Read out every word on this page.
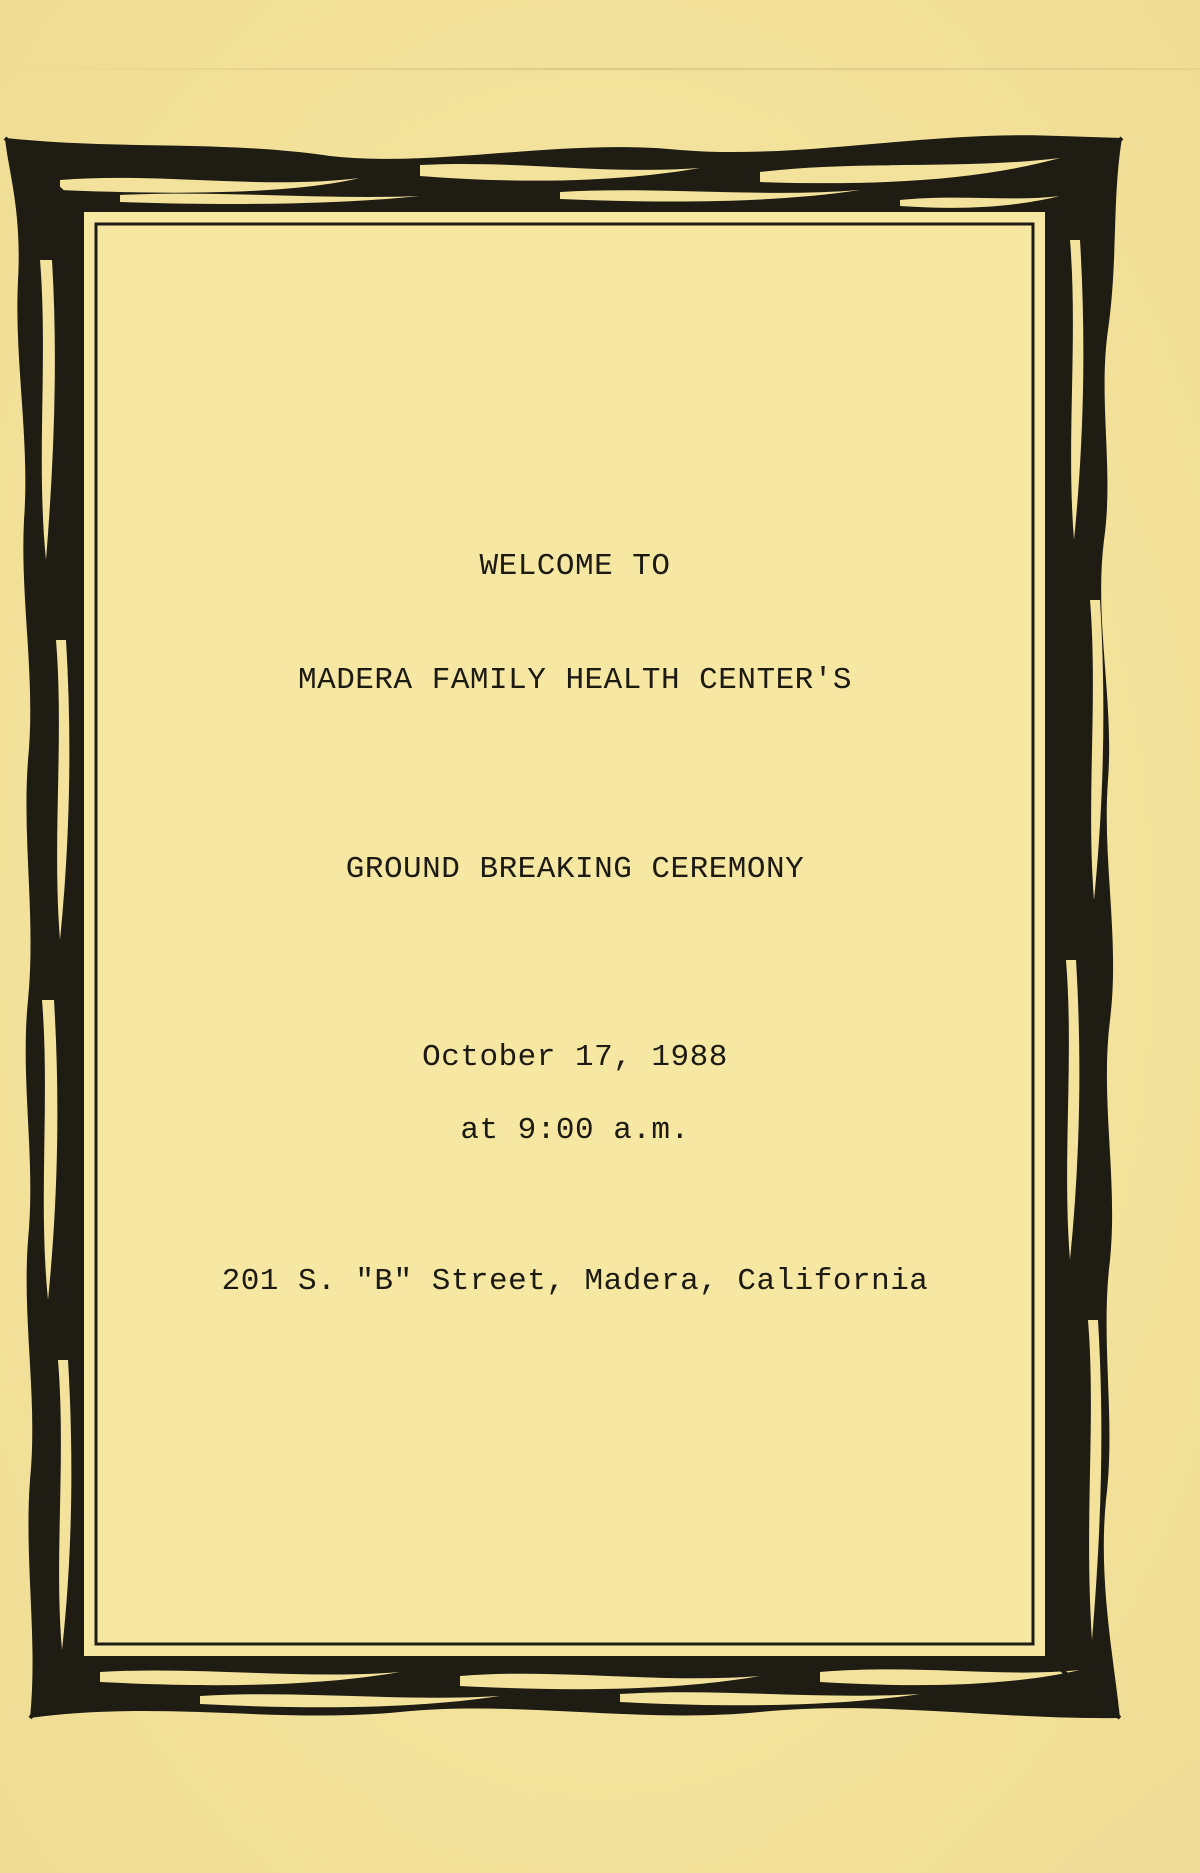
WELCOME TO
MADERA FAMILY HEALTH CENTER'S
GROUND BREAKING CEREMONY
October 17, 1988
at 9:00 a.m.
201 S. "B" Street, Madera, California
